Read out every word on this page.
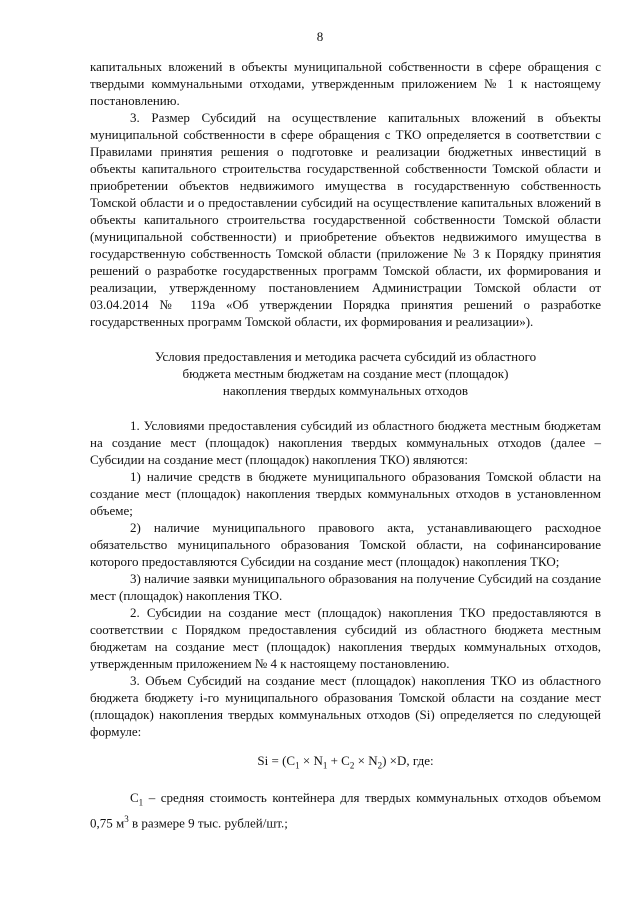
8

капитальных вложений в объекты муниципальной собственности в сфере обращения с твердыми коммунальными отходами, утвержденным приложением № 1 к настоящему постановлению.

3. Размер Субсидий на осуществление капитальных вложений в объекты муниципальной собственности в сфере обращения с ТКО определяется в соответствии с Правилами принятия решения о подготовке и реализации бюджетных инвестиций в объекты капитального строительства государственной собственности Томской области и приобретении объектов недвижимого имущества в государственную собственность Томской области и о предоставлении субсидий на осуществление капитальных вложений в объекты капитального строительства государственной собственности Томской области (муниципальной собственности) и приобретение объектов недвижимого имущества в государственную собственность Томской области (приложение № 3 к Порядку принятия решений о разработке государственных программ Томской области, их формирования и реализации, утвержденному постановлением Администрации Томской области от 03.04.2014 № 119а «Об утверждении Порядка принятия решений о разработке государственных программ Томской области, их формирования и реализации»).

Условия предоставления и методика расчета субсидий из областного
бюджета местным бюджетам на создание мест (площадок)
накопления твердых коммунальных отходов

1. Условиями предоставления субсидий из областного бюджета местным бюджетам на создание мест (площадок) накопления твердых коммунальных отходов (далее – Субсидии на создание мест (площадок) накопления ТКО) являются:

1) наличие средств в бюджете муниципального образования Томской области на создание мест (площадок) накопления твердых коммунальных отходов в установленном объеме;

2) наличие муниципального правового акта, устанавливающего расходное обязательство муниципального образования Томской области, на софинансирование которого предоставляются Субсидии на создание мест (площадок) накопления ТКО;

3) наличие заявки муниципального образования на получение Субсидий на создание мест (площадок) накопления ТКО.

2. Субсидии на создание мест (площадок) накопления ТКО предоставляются в соответствии с Порядком предоставления субсидий из областного бюджета местным бюджетам на создание мест (площадок) накопления твердых коммунальных отходов, утвержденным приложением № 4 к настоящему постановлению.

3. Объем Субсидий на создание мест (площадок) накопления ТКО из областного бюджета бюджету i-го муниципального образования Томской области на создание мест (площадок) накопления твердых коммунальных отходов (Si) определяется по следующей формуле:

$Si = (C_1 \times N_1 + C_2 \times N_2) \times D$, где:

$C_1$ – средняя стоимость контейнера для твердых коммунальных отходов объемом 0,75 $м^3$ в размере 9 тыс. рублей/шт.;
